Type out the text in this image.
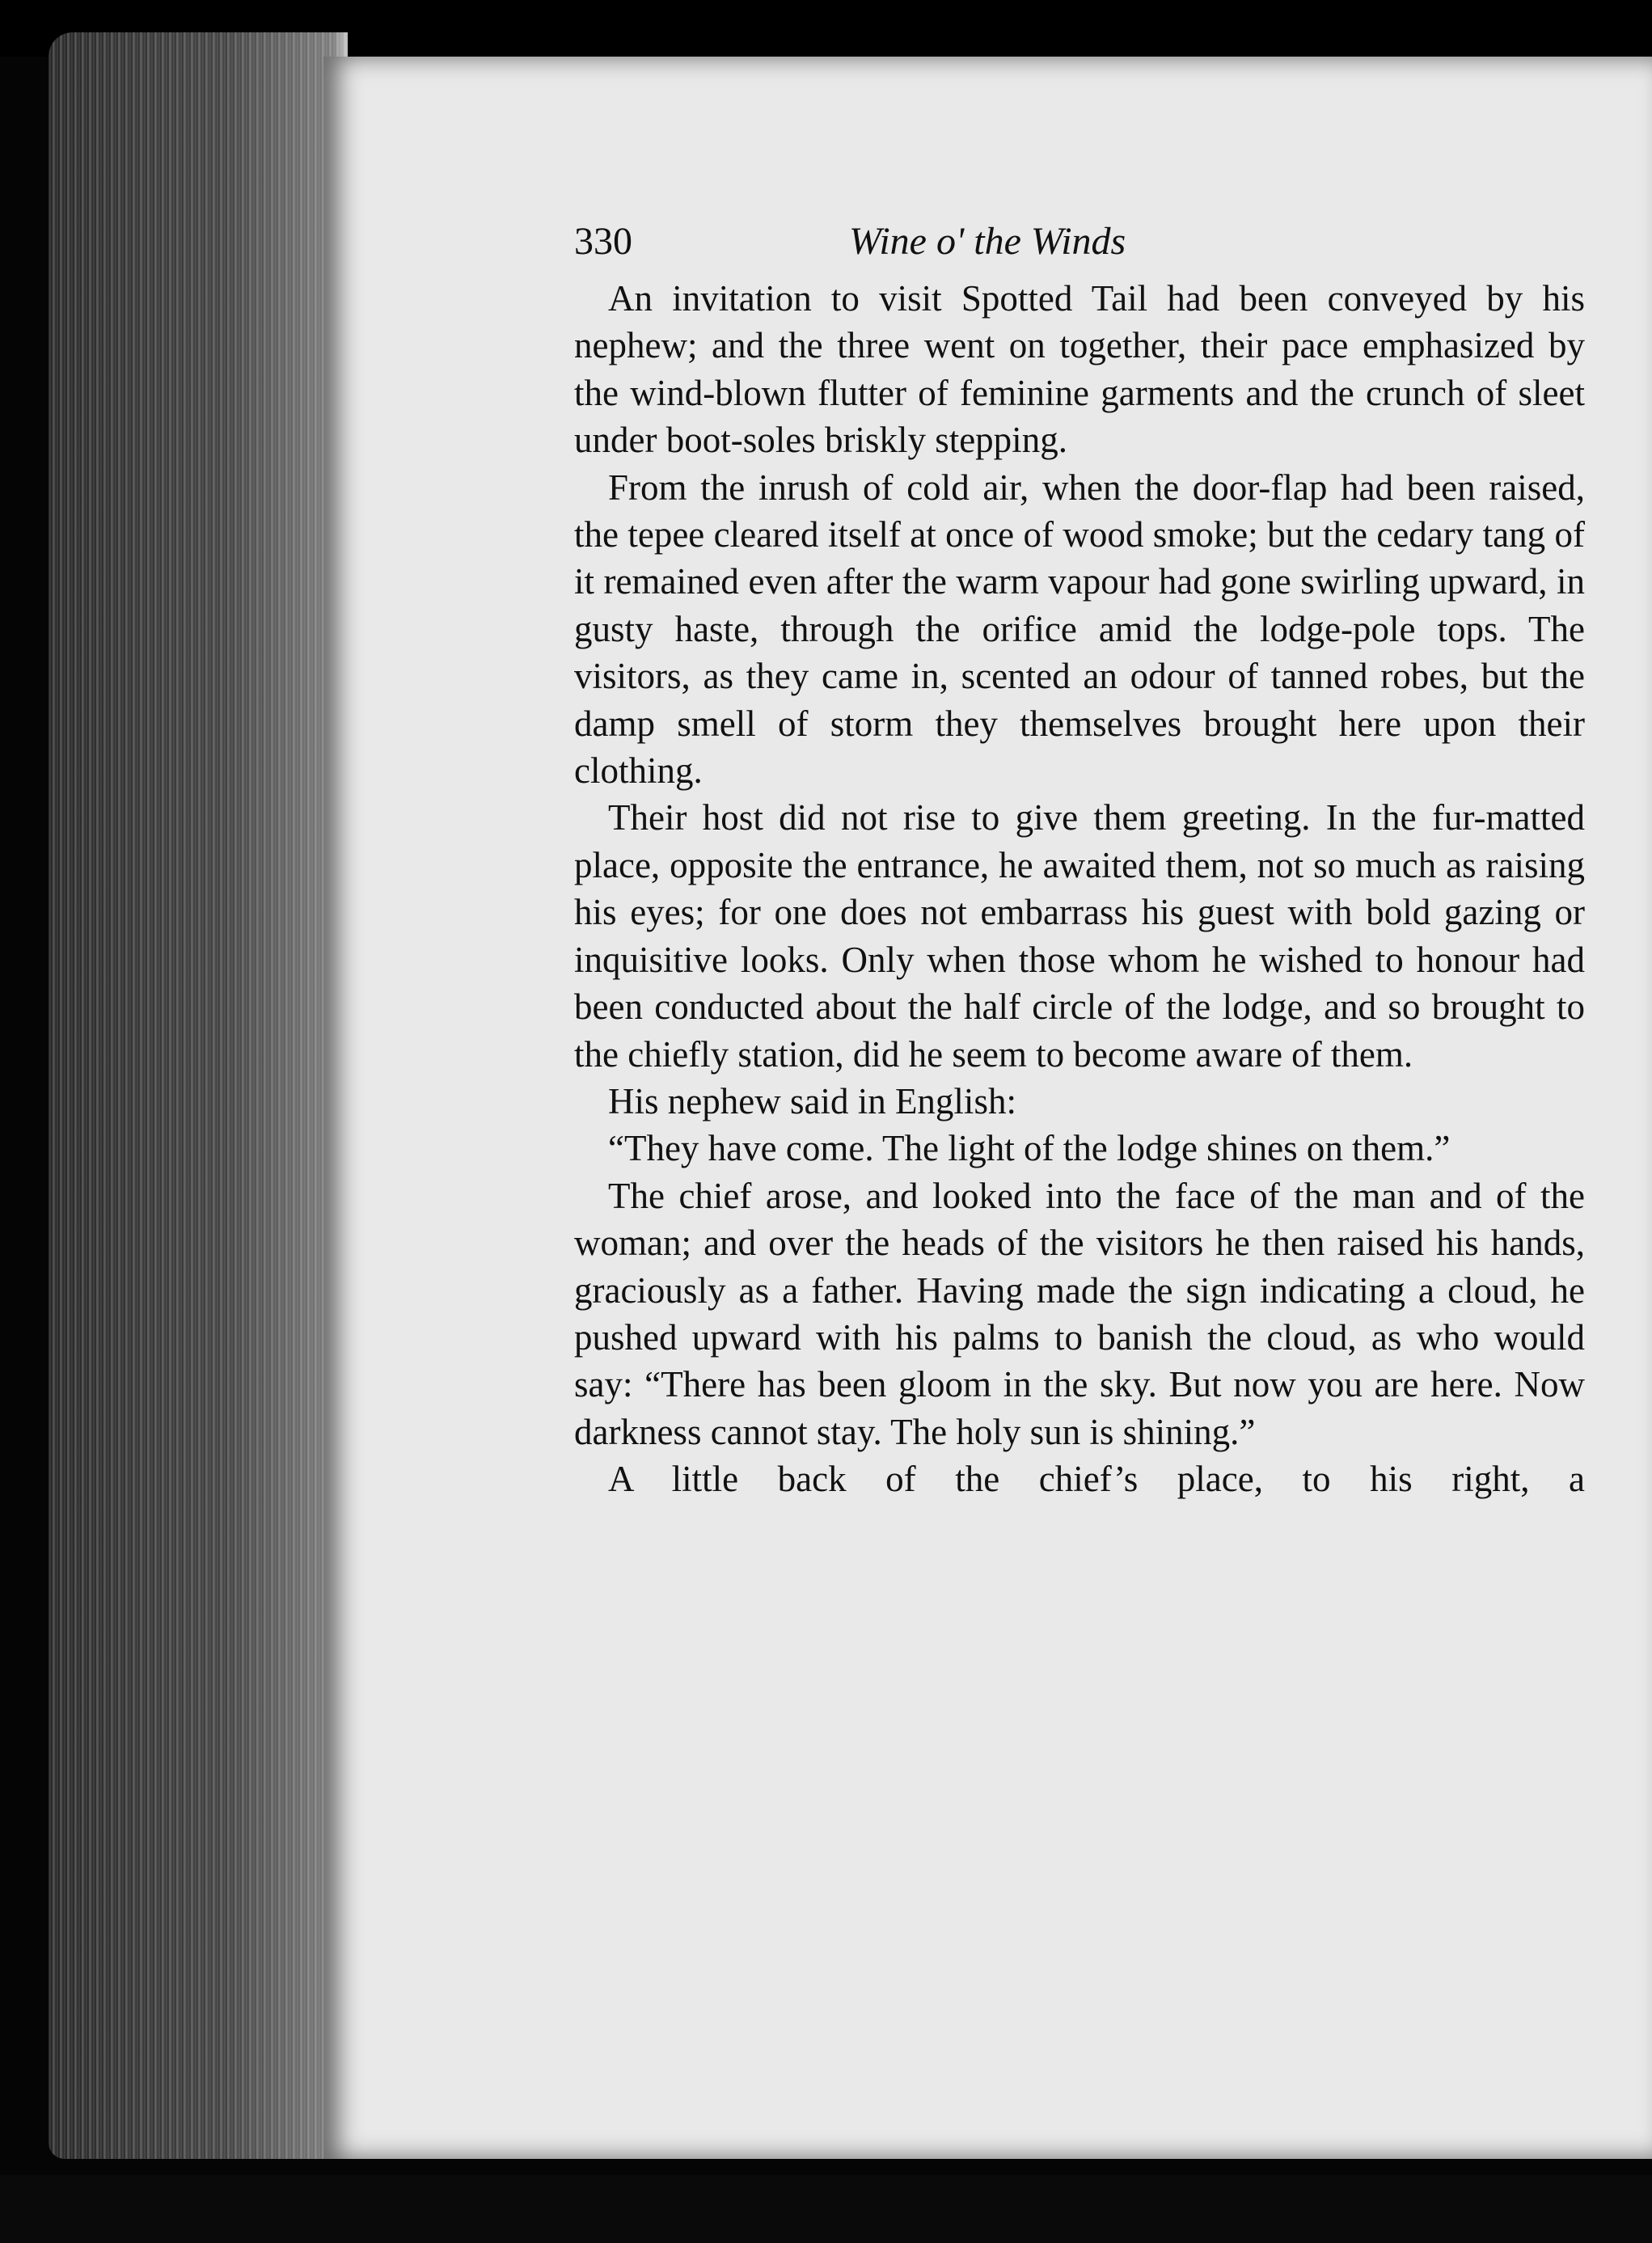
330	Wine o' the Winds

An invitation to visit Spotted Tail had been conveyed by his nephew; and the three went on together, their pace emphasized by the wind-blown flutter of feminine garments and the crunch of sleet under boot-soles briskly stepping.

From the inrush of cold air, when the door-flap had been raised, the tepee cleared itself at once of wood smoke; but the cedary tang of it remained even after the warm vapour had gone swirling upward, in gusty haste, through the orifice amid the lodge-pole tops. The visitors, as they came in, scented an odour of tanned robes, but the damp smell of storm they themselves brought here upon their clothing.

Their host did not rise to give them greeting. In the fur-matted place, opposite the entrance, he awaited them, not so much as raising his eyes; for one does not embarrass his guest with bold gazing or inquisitive looks. Only when those whom he wished to honour had been conducted about the half circle of the lodge, and so brought to the chiefly station, did he seem to become aware of them.

His nephew said in English:

“They have come. The light of the lodge shines on them.”

The chief arose, and looked into the face of the man and of the woman; and over the heads of the visitors he then raised his hands, graciously as a father. Having made the sign indicating a cloud, he pushed upward with his palms to banish the cloud, as who would say: “There has been gloom in the sky. But now you are here. Now darkness cannot stay. The holy sun is shining.”

A little back of the chief’s place, to his right, a
